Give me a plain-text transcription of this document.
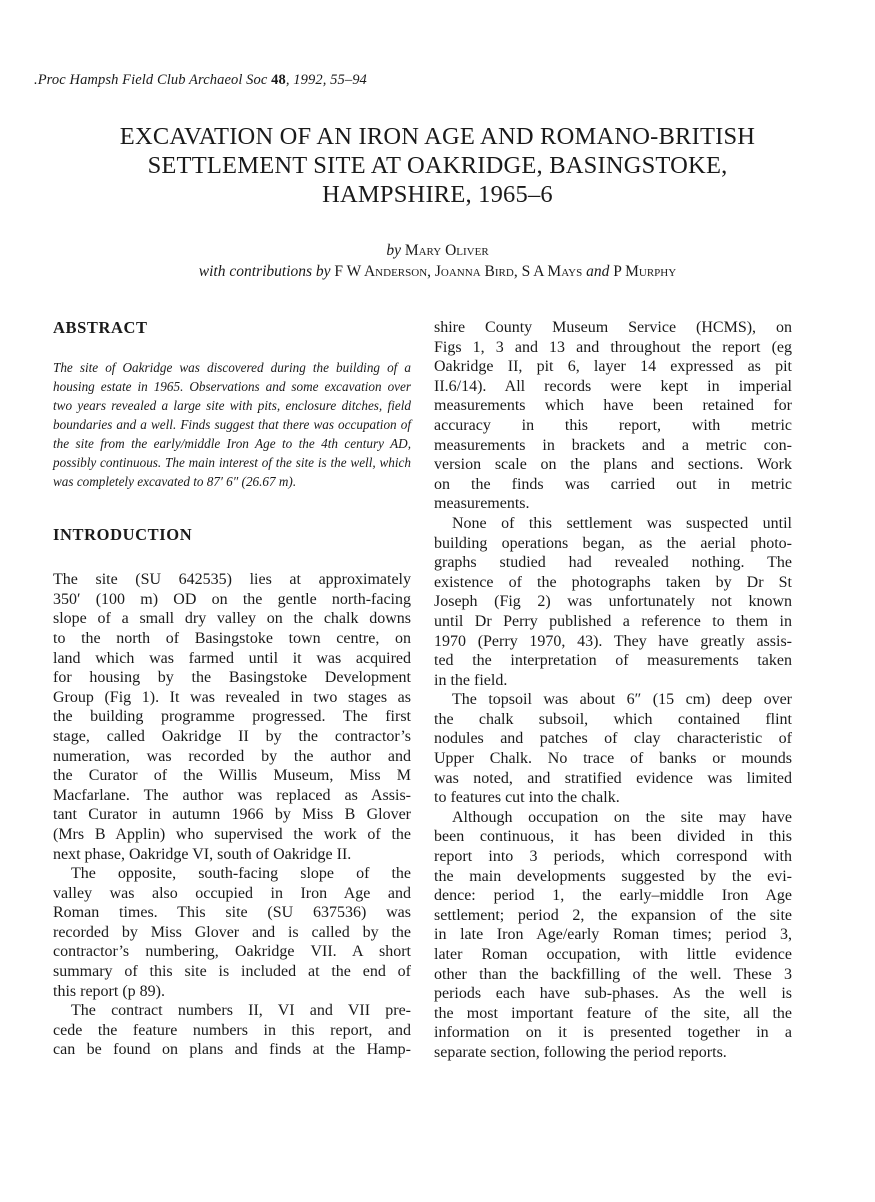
.Proc Hampsh Field Club Archaeol Soc 48, 1992, 55–94
EXCAVATION OF AN IRON AGE AND ROMANO-BRITISH
SETTLEMENT SITE AT OAKRIDGE, BASINGSTOKE,
HAMPSHIRE, 1965–6
by Mary Oliver
with contributions by F W Anderson, Joanna Bird, S A Mays and P Murphy
ABSTRACT

The site of Oakridge was discovered during the building of a housing estate in 1965. Observations and some excavation over two years revealed a large site with pits, enclosure ditches, field boundaries and a well. Finds suggest that there was occupation of the site from the early/middle Iron Age to the 4th century AD, possibly continuous. The main interest of the site is the well, which was completely excavated to 87′ 6″ (26.67 m).

INTRODUCTION

The site (SU 642535) lies at approximately
350′ (100 m) OD on the gentle north-facing
slope of a small dry valley on the chalk downs
to the north of Basingstoke town centre, on
land which was farmed until it was acquired
for housing by the Basingstoke Development
Group (Fig 1). It was revealed in two stages as
the building programme progressed. The first
stage, called Oakridge II by the contractor’s
numeration, was recorded by the author and
the Curator of the Willis Museum, Miss M
Macfarlane. The author was replaced as Assis-
tant Curator in autumn 1966 by Miss B Glover
(Mrs B Applin) who supervised the work of the
next phase, Oakridge VI, south of Oakridge II.

The opposite, south-facing slope of the
valley was also occupied in Iron Age and
Roman times. This site (SU 637536) was
recorded by Miss Glover and is called by the
contractor’s numbering, Oakridge VII. A short
summary of this site is included at the end of
this report (p 89).

The contract numbers II, VI and VII pre-
cede the feature numbers in this report, and
can be found on plans and finds at the Hamp-

shire County Museum Service (HCMS), on
Figs 1, 3 and 13 and throughout the report (eg
Oakridge II, pit 6, layer 14 expressed as pit
II.6/14). All records were kept in imperial
measurements which have been retained for
accuracy in this report, with metric
measurements in brackets and a metric con-
version scale on the plans and sections. Work
on the finds was carried out in metric
measurements.

None of this settlement was suspected until
building operations began, as the aerial photo-
graphs studied had revealed nothing. The
existence of the photographs taken by Dr St
Joseph (Fig 2) was unfortunately not known
until Dr Perry published a reference to them in
1970 (Perry 1970, 43). They have greatly assis-
ted the interpretation of measurements taken
in the field.

The topsoil was about 6″ (15 cm) deep over
the chalk subsoil, which contained flint
nodules and patches of clay characteristic of
Upper Chalk. No trace of banks or mounds
was noted, and stratified evidence was limited
to features cut into the chalk.

Although occupation on the site may have
been continuous, it has been divided in this
report into 3 periods, which correspond with
the main developments suggested by the evi-
dence: period 1, the early–middle Iron Age
settlement; period 2, the expansion of the site
in late Iron Age/early Roman times; period 3,
later Roman occupation, with little evidence
other than the backfilling of the well. These 3
periods each have sub-phases. As the well is
the most important feature of the site, all the
information on it is presented together in a
separate section, following the period reports.
